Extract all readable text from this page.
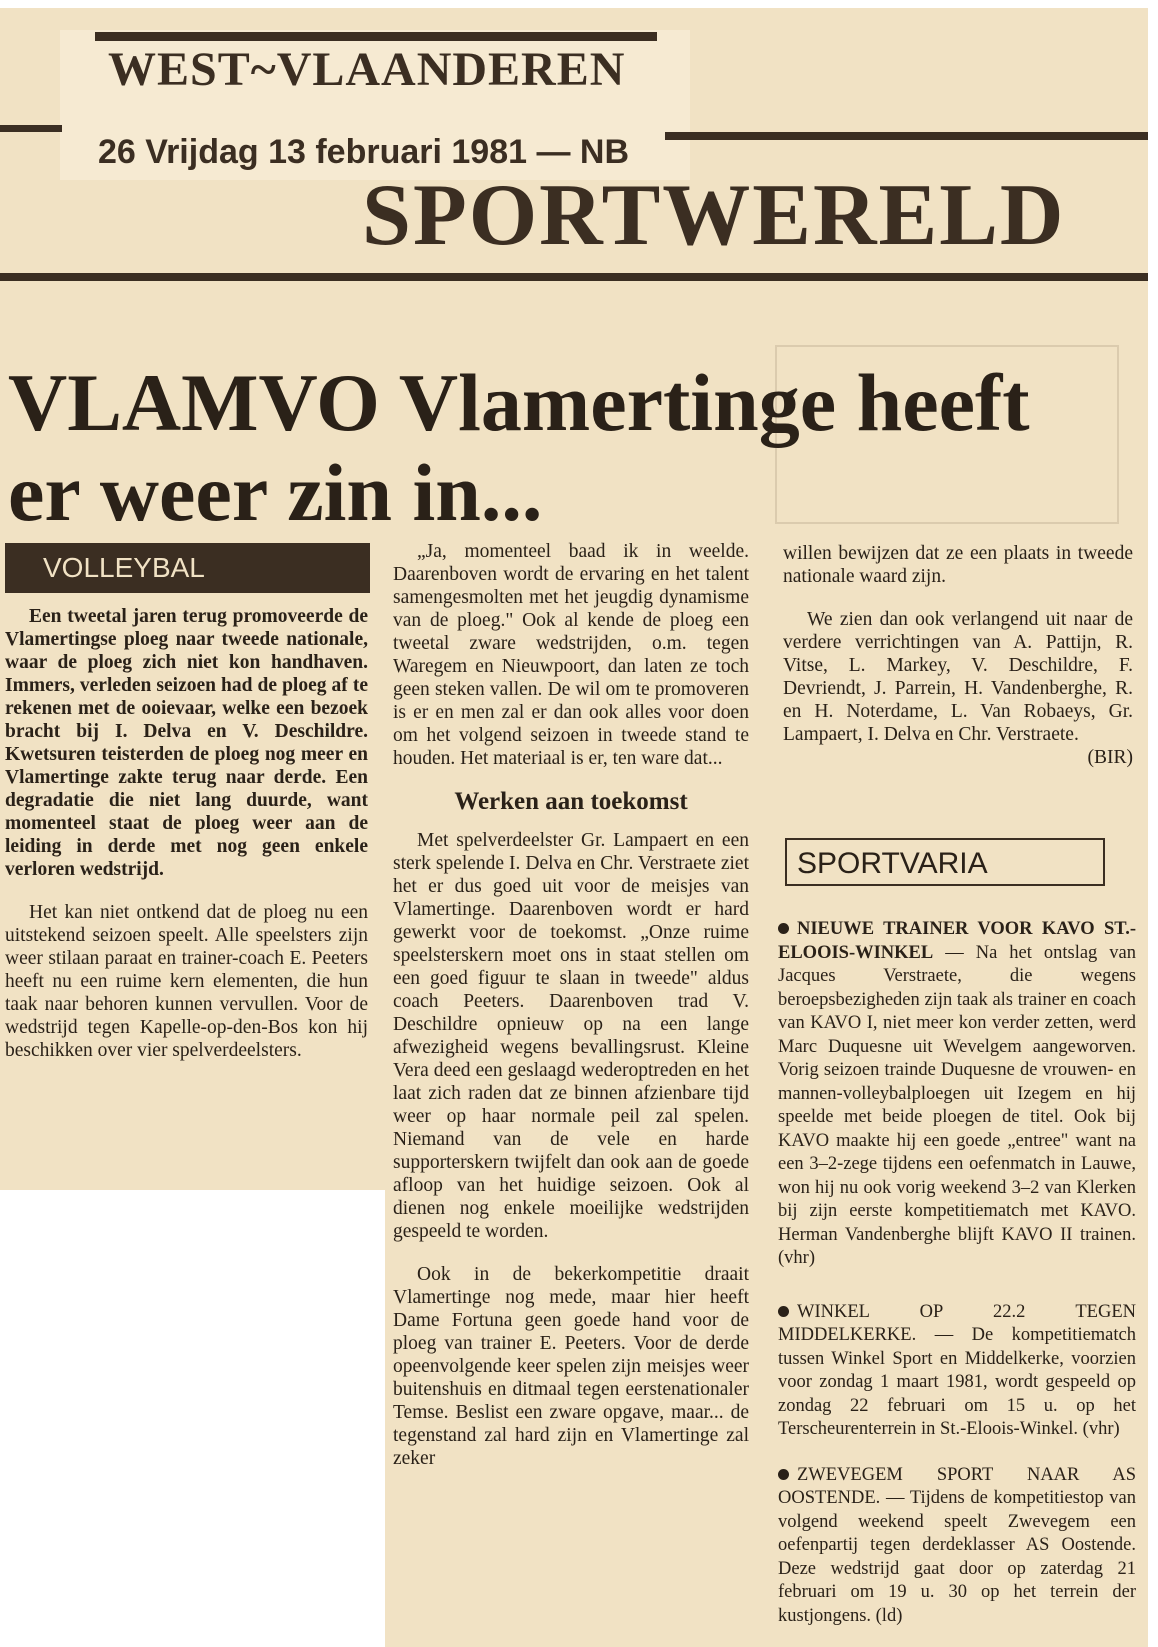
WEST~VLAANDEREN
26 Vrijdag 13 februari 1981 — NB
SPORTWERELD
VLAMVO Vlamertinge heeft
er weer zin in...
VOLLEYBAL

Een tweetal jaren terug promoveerde de Vlamertingse ploeg naar tweede nationale, waar de ploeg zich niet kon handhaven. Immers, verleden seizoen had de ploeg af te rekenen met de ooievaar, welke een bezoek bracht bij I. Delva en V. Deschildre. Kwetsuren teisterden de ploeg nog meer en Vlamertinge zakte terug naar derde. Een degradatie die niet lang duurde, want momenteel staat de ploeg weer aan de leiding in derde met nog geen enkele verloren wedstrijd.

Het kan niet ontkend dat de ploeg nu een uitstekend seizoen speelt. Alle speelsters zijn weer stilaan paraat en trainer-coach E. Peeters heeft nu een ruime kern elementen, die hun taak naar behoren kunnen vervullen. Voor de wedstrijd tegen Kapelle-op-den-Bos kon hij beschikken over vier spelverdeelsters.

„Ja, momenteel baad ik in weelde. Daarenboven wordt de ervaring en het talent samengesmolten met het jeugdig dynamisme van de ploeg." Ook al kende de ploeg een tweetal zware wedstrijden, o.m. tegen Waregem en Nieuwpoort, dan laten ze toch geen steken vallen. De wil om te promoveren is er en men zal er dan ook alles voor doen om het volgend seizoen in tweede stand te houden. Het materiaal is er, ten ware dat...

Werken aan toekomst

Met spelverdeelster Gr. Lampaert en een sterk spelende I. Delva en Chr. Verstraete ziet het er dus goed uit voor de meisjes van Vlamertinge. Daarenboven wordt er hard gewerkt voor de toekomst. „Onze ruime speelsterskern moet ons in staat stellen om een goed figuur te slaan in tweede" aldus coach Peeters. Daarenboven trad V. Deschildre opnieuw op na een lange afwezigheid wegens bevallingsrust. Kleine Vera deed een geslaagd wederoptreden en het laat zich raden dat ze binnen afzienbare tijd weer op haar normale peil zal spelen. Niemand van de vele en harde supporterskern twijfelt dan ook aan de goede afloop van het huidige seizoen. Ook al dienen nog enkele moeilijke wedstrijden gespeeld te worden.

Ook in de bekerkompetitie draait Vlamertinge nog mede, maar hier heeft Dame Fortuna geen goede hand voor de ploeg van trainer E. Peeters. Voor de derde opeenvolgende keer spelen zijn meisjes weer buitenshuis en ditmaal tegen eerstenationaler Temse. Beslist een zware opgave, maar... de tegenstand zal hard zijn en Vlamertinge zal zeker

willen bewijzen dat ze een plaats in tweede nationale waard zijn.

We zien dan ook verlangend uit naar de verdere verrichtingen van A. Pattijn, R. Vitse, L. Markey, V. Deschildre, F. Devriendt, J. Parrein, H. Vandenberghe, R. en H. Noterdame, L. Van Robaeys, Gr. Lampaert, I. Delva en Chr. Verstraete.

(BIR)
SPORTVARIA

NIEUWE TRAINER VOOR KAVO ST.-ELOOIS-WINKEL — Na het ontslag van Jacques Verstraete, die wegens beroepsbezigheden zijn taak als trainer en coach van KAVO I, niet meer kon verder zetten, werd Marc Duquesne uit Wevelgem aangeworven. Vorig seizoen trainde Duquesne de vrouwen- en mannen-volleybalploegen uit Izegem en hij speelde met beide ploegen de titel. Ook bij KAVO maakte hij een goede „entree" want na een 3–2-zege tijdens een oefenmatch in Lauwe, won hij nu ook vorig weekend 3–2 van Klerken bij zijn eerste kompetitiematch met KAVO. Herman Vandenberghe blijft KAVO II trainen. (vhr)

WINKEL OP 22.2 TEGEN MIDDELKERKE. — De kompetitiematch tussen Winkel Sport en Middelkerke, voorzien voor zondag 1 maart 1981, wordt gespeeld op zondag 22 februari om 15 u. op het Terscheurenterrein in St.-Eloois-Winkel. (vhr)

ZWEVEGEM SPORT NAAR AS OOSTENDE. — Tijdens de kompetitiestop van volgend weekend speelt Zwevegem een oefenpartij tegen derdeklasser AS Oostende. Deze wedstrijd gaat door op zaterdag 21 februari om 19 u. 30 op het terrein der kustjongens. (ld)
